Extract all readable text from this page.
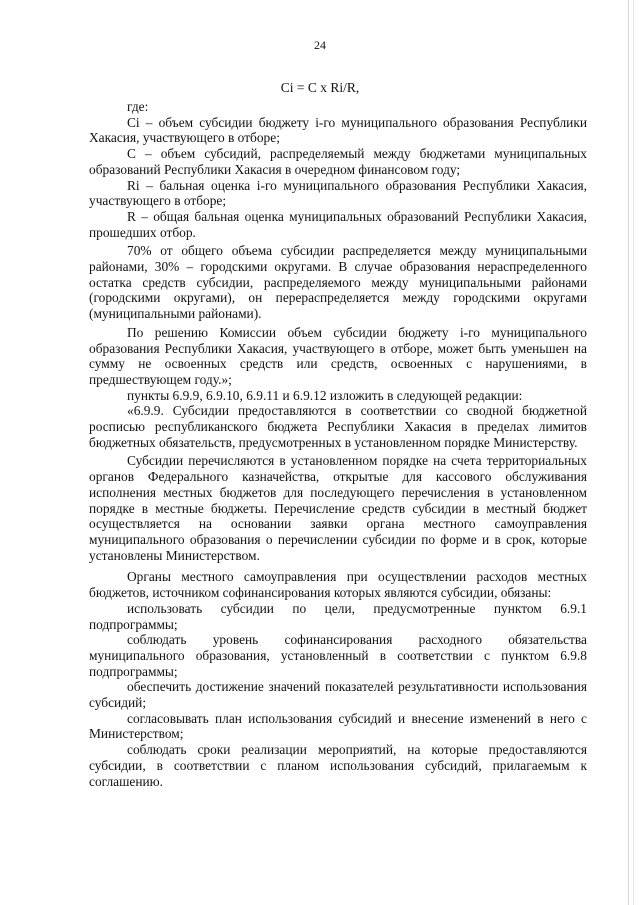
24
Ci = C x Ri/R,

где:

Ci – объем субсидии бюджету i-го муниципального образования Республики Хакасия, участвующего в отборе;

C – объем субсидий, распределяемый между бюджетами муниципальных образований Республики Хакасия в очередном финансовом году;

Ri – бальная оценка i-го муниципального образования Республики Хакасия, участвующего в отборе;

R – общая бальная оценка муниципальных образований Республики Хакасия, прошедших отбор.

70% от общего объема субсидии распределяется между муниципальными районами, 30% – городскими округами. В случае образования нераспределенного остатка средств субсидии, распределяемого между муниципальными районами (городскими округами), он перераспределяется между городскими округами (муниципальными районами).

По решению Комиссии объем субсидии бюджету i-го муниципального образования Республики Хакасия, участвующего в отборе, может быть уменьшен на сумму не освоенных средств или средств, освоенных с нарушениями, в предшествующем году.»;

пункты 6.9.9, 6.9.10, 6.9.11 и 6.9.12 изложить в следующей редакции:

«6.9.9. Субсидии предоставляются в соответствии со сводной бюджетной росписью республиканского бюджета Республики Хакасия в пределах лимитов бюджетных обязательств, предусмотренных в установленном порядке Министерству.

Субсидии перечисляются в установленном порядке на счета территориальных органов Федерального казначейства, открытые для кассового обслуживания исполнения местных бюджетов для последующего перечисления в установленном порядке в местные бюджеты. Перечисление средств субсидии в местный бюджет осуществляется на основании заявки органа местного самоуправления муниципального образования о перечислении субсидии по форме и в срок, которые установлены Министерством.

Органы местного самоуправления при осуществлении расходов местных бюджетов, источником софинансирования которых являются субсидии, обязаны:

использовать субсидии по цели, предусмотренные пунктом 6.9.1 подпрограммы;

соблюдать уровень софинансирования расходного обязательства муниципального образования, установленный в соответствии с пунктом 6.9.8 подпрограммы;

обеспечить достижение значений показателей результативности использования субсидий;

согласовывать план использования субсидий и внесение изменений в него с Министерством;

соблюдать сроки реализации мероприятий, на которые предоставляются субсидии, в соответствии с планом использования субсидий, прилагаемым к соглашению.
